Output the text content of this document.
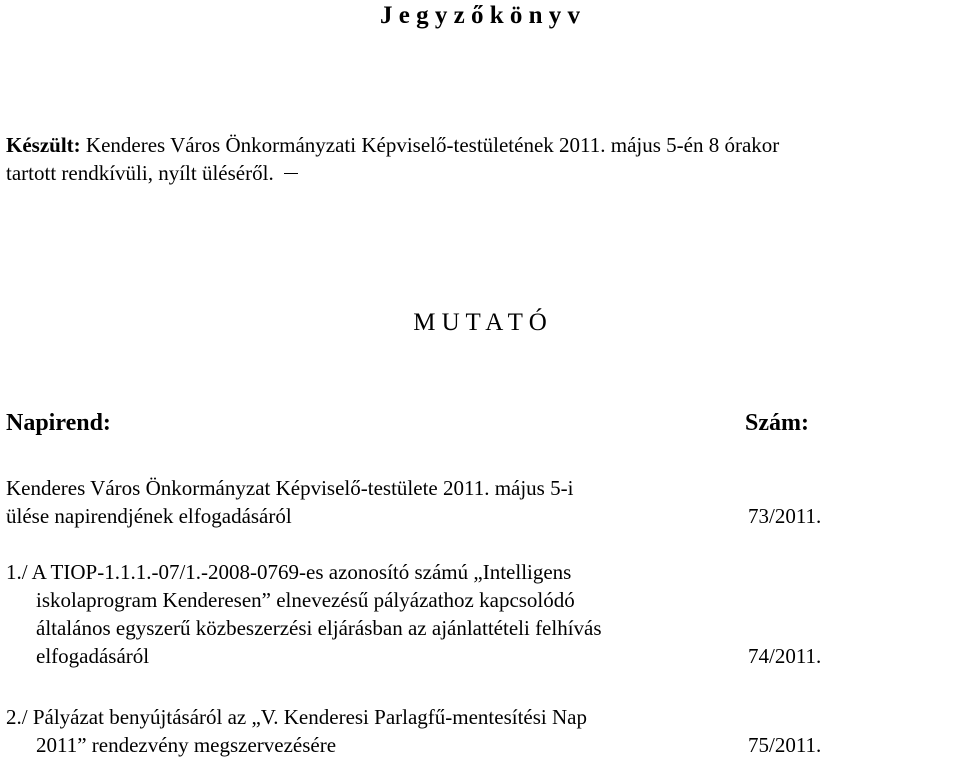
J e g y z ő k ö n y v
Készült: Kenderes Város Önkormányzati Képviselő-testületének 2011. május 5-én 8 órakor
tartott rendkívüli, nyílt üléséről.
M U T A T Ó
Napirend:	Szám:
Kenderes Város Önkormányzat Képviselő-testülete 2011. május 5-i
ülése napirendjének elfogadásáról	73/2011.
1./ A TIOP-1.1.1.-07/1.-2008-0769-es azonosító számú „Intelligens
iskolaprogram Kenderesen” elnevezésű pályázathoz kapcsolódó
általános egyszerű közbeszerzési eljárásban az ajánlattételi felhívás
elfogadásáról	74/2011.
2./ Pályázat benyújtásáról az „V. Kenderesi Parlagfű-mentesítési Nap
2011” rendezvény megszervezésére	75/2011.
